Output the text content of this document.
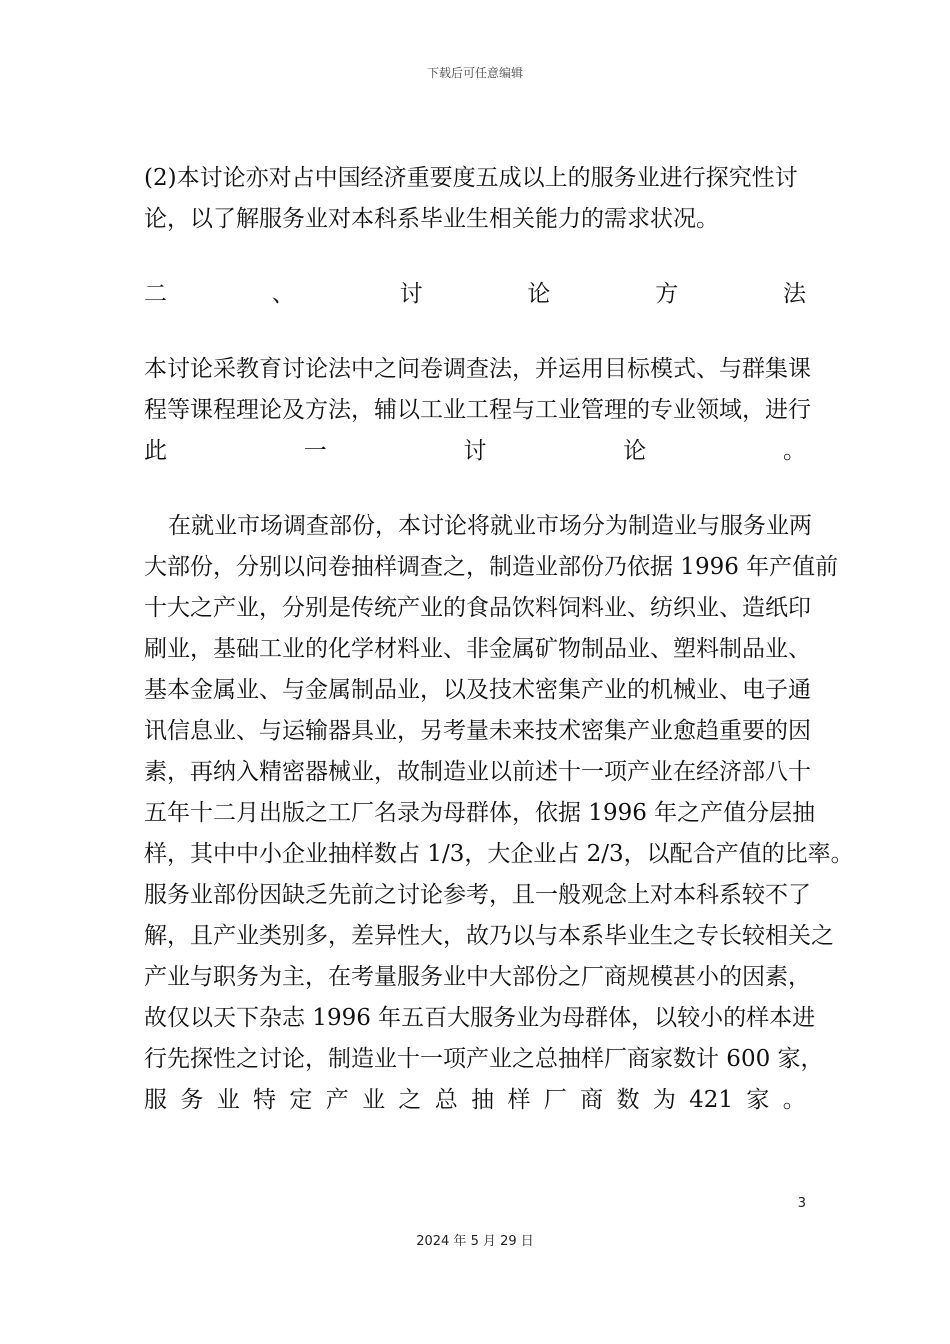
下载后可任意编辑
(2)本讨论亦对占中国经济重要度五成以上的服务业进行探究性讨
论，以了解服务业对本科系毕业生相关能力的需求状况。
二	、	讨	论	方	法
本讨论采教育讨论法中之问卷调查法，并运用目标模式、与群集课
程等课程理论及方法，辅以工业工程与工业管理的专业领域，进行
此	一	讨	论	。
在就业市场调查部份，本讨论将就业市场分为制造业与服务业两
大部份，分别以问卷抽样调查之，制造业部份乃依据 1996 年产值前
十大之产业，分别是传统产业的食品饮料饲料业、纺织业、造纸印
刷业，基础工业的化学材料业、非金属矿物制品业、塑料制品业、
基本金属业、与金属制品业，以及技术密集产业的机械业、电子通
讯信息业、与运输器具业，另考量未来技术密集产业愈趋重要的因
素，再纳入精密器械业，故制造业以前述十一项产业在经济部八十
五年十二月出版之工厂名录为母群体，依据 1996 年之产值分层抽
样，其中中小企业抽样数占 1/3，大企业占 2/3，以配合产值的比率。
服务业部份因缺乏先前之讨论参考，且一般观念上对本科系较不了
解，且产业类别多，差异性大，故乃以与本系毕业生之专长较相关之
产业与职务为主，在考量服务业中大部份之厂商规模甚小的因素，
故仅以天下杂志 1996 年五百大服务业为母群体，以较小的样本进
行先探性之讨论，制造业十一项产业之总抽样厂商家数计 600 家，
服 务 业 特 定 产 业 之 总 抽 样 厂 商 数 为 421 家 。
3
2024 年 5 月 29 日
